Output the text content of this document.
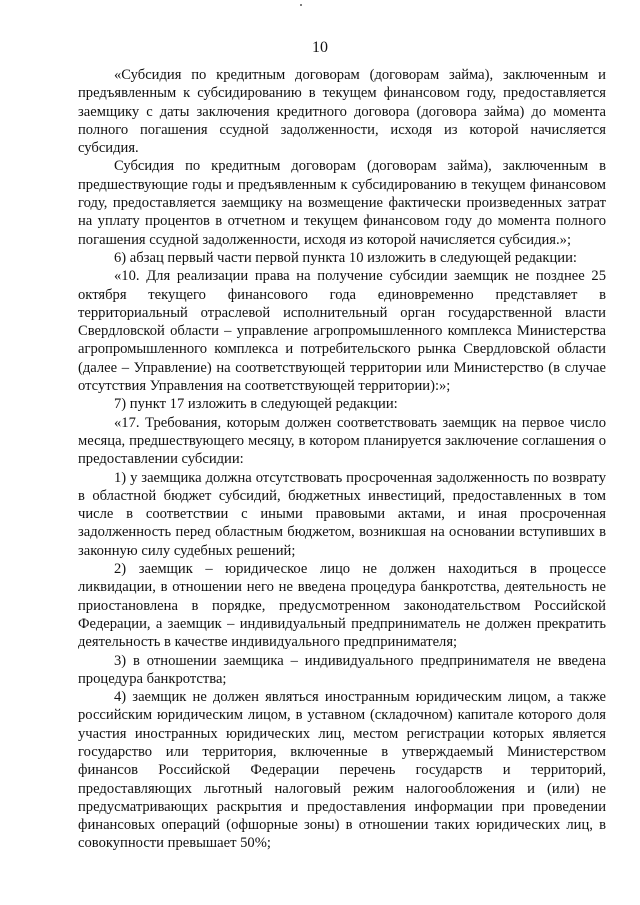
10

«Субсидия по кредитным договорам (договорам займа), заключенным и предъявленным к субсидированию в текущем финансовом году, предоставляется заемщику с даты заключения кредитного договора (договора займа) до момента полного погашения ссудной задолженности, исходя из которой начисляется субсидия.

Субсидия по кредитным договорам (договорам займа), заключенным в предшествующие годы и предъявленным к субсидированию в текущем финансовом году, предоставляется заемщику на возмещение фактически произведенных затрат на уплату процентов в отчетном и текущем финансовом году до момента полного погашения ссудной задолженности, исходя из которой начисляется субсидия.»;

6) абзац первый части первой пункта 10 изложить в следующей редакции:

«10. Для реализации права на получение субсидии заемщик не позднее 25 октября текущего финансового года единовременно представляет в территориальный отраслевой исполнительный орган государственной власти Свердловской области – управление агропромышленного комплекса Министерства агропромышленного комплекса и потребительского рынка Свердловской области (далее – Управление) на соответствующей территории или Министерство (в случае отсутствия Управления на соответствующей территории):»;

7) пункт 17 изложить в следующей редакции:

«17. Требования, которым должен соответствовать заемщик на первое число месяца, предшествующего месяцу, в котором планируется заключение соглашения о предоставлении субсидии:

1) у заемщика должна отсутствовать просроченная задолженность по возврату в областной бюджет субсидий, бюджетных инвестиций, предоставленных в том числе в соответствии с иными правовыми актами, и иная просроченная задолженность перед областным бюджетом, возникшая на основании вступивших в законную силу судебных решений;

2) заемщик – юридическое лицо не должен находиться в процессе ликвидации, в отношении него не введена процедура банкротства, деятельность не приостановлена в порядке, предусмотренном законодательством Российской Федерации, а заемщик – индивидуальный предприниматель не должен прекратить деятельность в качестве индивидуального предпринимателя;

3) в отношении заемщика – индивидуального предпринимателя не введена процедура банкротства;

4) заемщик не должен являться иностранным юридическим лицом, а также российским юридическим лицом, в уставном (складочном) капитале которого доля участия иностранных юридических лиц, местом регистрации которых является государство или территория, включенные в утверждаемый Министерством финансов Российской Федерации перечень государств и территорий, предоставляющих льготный налоговый режим налогообложения и (или) не предусматривающих раскрытия и предоставления информации при проведении финансовых операций (офшорные зоны) в отношении таких юридических лиц, в совокупности превышает 50%;
